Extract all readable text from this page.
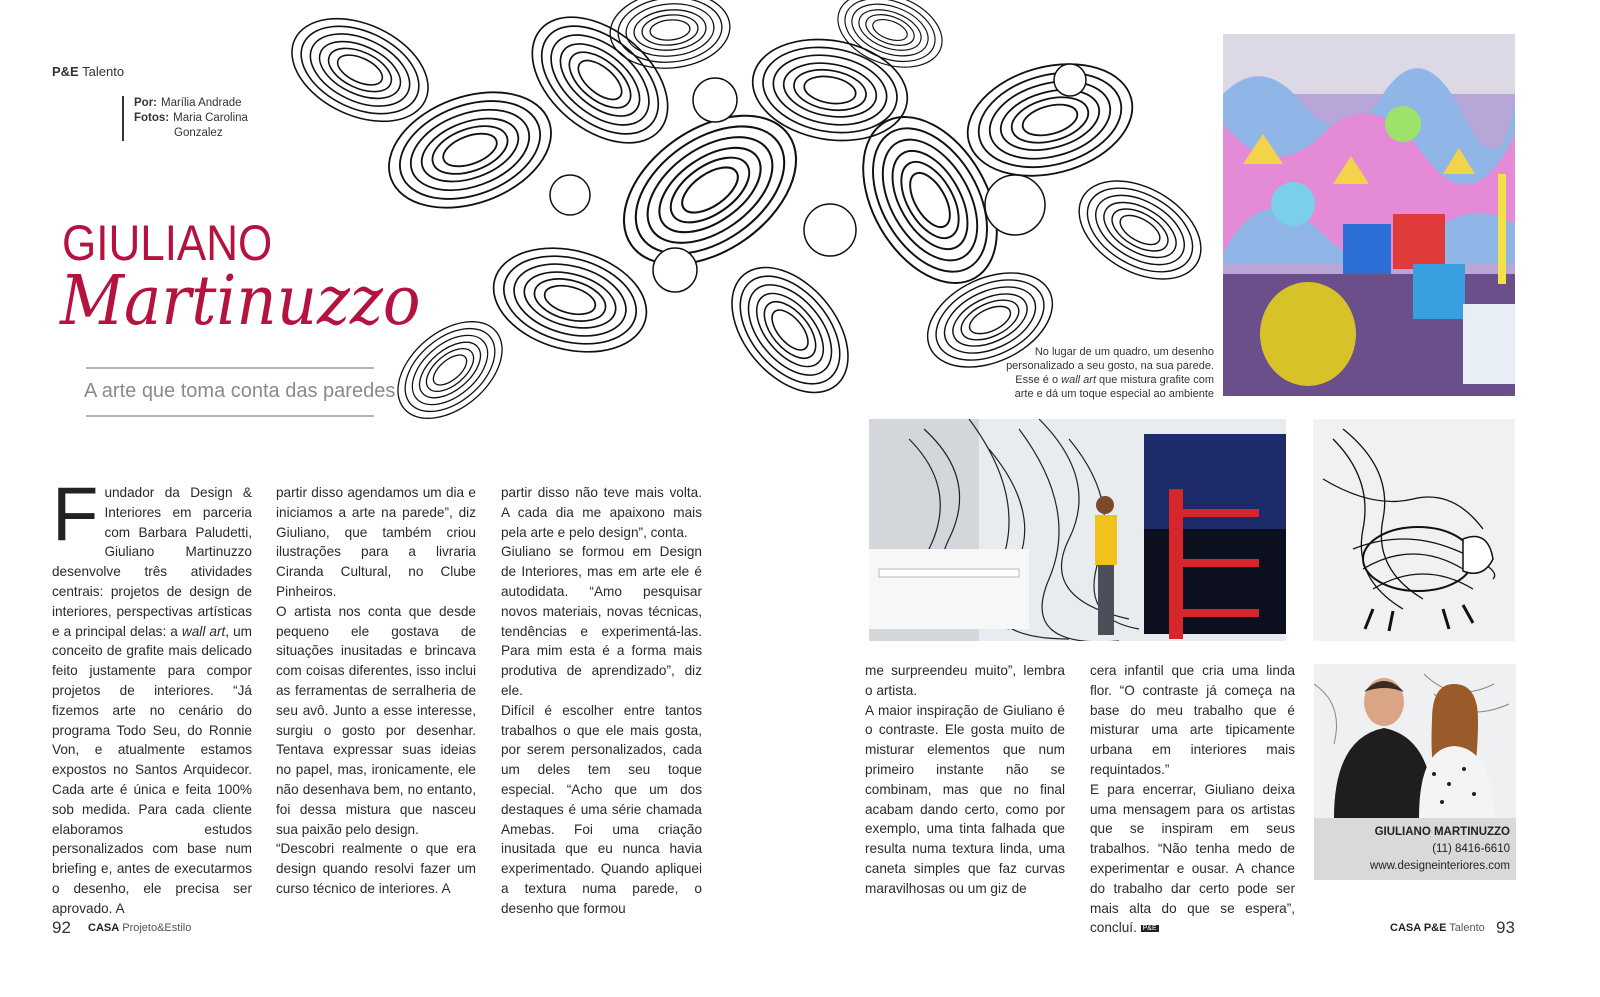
P&E Talento
Por: Marília Andrade
Fotos: Maria Carolina
Gonzalez
GIULIANO
Martinuzzo
A arte que toma conta das paredes
No lugar de um quadro, um desenho
personalizado a seu gosto, na sua parede.
Esse é o wall art que mistura grafite com
arte e dá um toque especial ao ambiente
GIULIANO MARTINUZZO
(11) 8416-6610
www.designeinteriores.com
Fundador da Design & Interiores em parceria com Barbara Paludetti, Giuliano Martinuzzo desenvolve três atividades centrais: projetos de design de interiores, perspectivas artísticas e a principal delas: a wall art, um conceito de grafite mais delicado feito justamente para compor projetos de interiores. “Já fizemos arte no cenário do programa Todo Seu, do Ronnie Von, e atualmente estamos expostos no Santos Arquidecor. Cada arte é única e feita 100% sob medida. Para cada cliente elaboramos estudos personalizados com base num briefing e, antes de executarmos o desenho, ele precisa ser aprovado. A

partir disso agendamos um dia e iniciamos a arte na parede”, diz Giuliano, que também criou ilustrações para a livraria Ciranda Cultural, no Clube Pinheiros.

O artista nos conta que desde pequeno ele gostava de situações inusitadas e brincava com coisas diferentes, isso inclui as ferramentas de serralheria de seu avô. Junto a esse interesse, surgiu o gosto por desenhar. Tentava expressar suas ideias no papel, mas, ironicamente, ele não desenhava bem, no entanto, foi dessa mistura que nasceu sua paixão pelo design.

“Descobri realmente o que era design quando resolvi fazer um curso técnico de interiores. A

partir disso não teve mais volta. A cada dia me apaixono mais pela arte e pelo design”, conta.

Giuliano se formou em Design de Interiores, mas em arte ele é autodidata. “Amo pesquisar novos materiais, novas técnicas, tendências e experimentá-las. Para mim esta é a forma mais produtiva de aprendizado”, diz ele.

Difícil é escolher entre tantos trabalhos o que ele mais gosta, por serem personalizados, cada um deles tem seu toque especial. “Acho que um dos destaques é uma série chamada Amebas. Foi uma criação inusitada que eu nunca havia experimentado. Quando apliquei a textura numa parede, o desenho que formou

me surpreendeu muito”, lembra o artista.

A maior inspiração de Giuliano é o contraste. Ele gosta muito de misturar elementos que num primeiro instante não se combinam, mas que no final acabam dando certo, como por exemplo, uma tinta falhada que resulta numa textura linda, uma caneta simples que faz curvas maravilhosas ou um giz de

cera infantil que cria uma linda flor. “O contraste já começa na base do meu trabalho que é misturar uma arte tipicamente urbana em interiores mais requintados.”

E para encerrar, Giuliano deixa uma mensagem para os artistas que se inspiram em seus trabalhos. “Não tenha medo de experimentar e ousar. A chance do trabalho dar certo pode ser mais alta do que se espera”, concluí. P&E

92 CASA Projeto&Estilo	CASA P&E Talento 93
